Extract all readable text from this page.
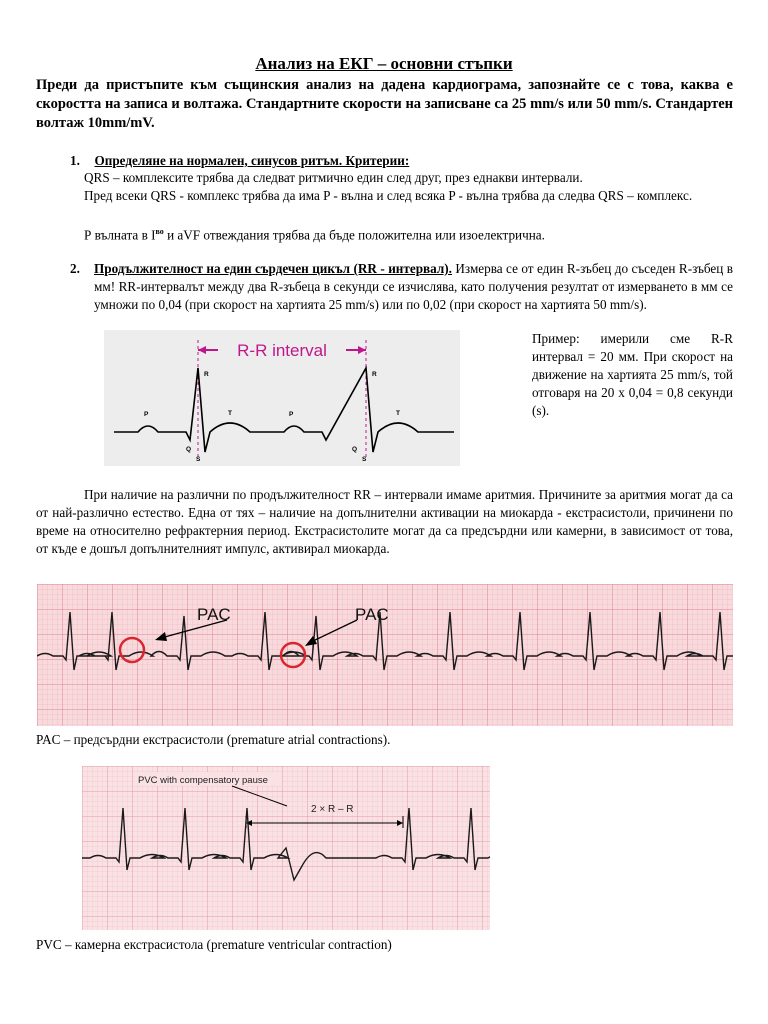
Анализ на ЕКГ – основни стъпки
Преди да пристъпите към същинския анализ на дадена кардиограма, запознайте се с това, каква е скоростта на записа и волтажа. Стандартните скорости на записване са 25 mm/s или 50 mm/s. Стандартен волтаж 10mm/mV.
1. Определяне на нормален, синусов ритъм. Критерии:
QRS – комплексите трябва да следват ритмично един след друг, през еднакви интервали.
Пред всеки QRS - комплекс трябва да има P - вълна и след всяка P - вълна трябва да следва QRS – комплекс.
Р вълната в $I^{во}$ и aVF отвеждания трябва да бъде положителна или изоелектрична.
2.	Продължителност на един сърдечен цикъл (RR - интервал). Измерва се от един R-зъбец до съседен R-зъбец в мм! RR-интервалът между два R-зъбеца в секунди се изчислява, като получения резултат от измерването в мм се умножи по 0,04 (при скорост на хартията 25 mm/s) или по 0,02 (при скорост на хартията 50 mm/s).
R-R interval
P
Q
R
S
T	P
Q
R
S
T
Пример: имерили сме R-R интервал = 20 мм. При скорост на движение на хартията 25 mm/s, той отговаря на 20 х 0,04 = 0,8 секунди (s).
При наличие на различни по продължителност RR – интервали имаме аритмия. Причините за аритмия могат да са от най-различно естество. Една от тях – наличие на допълнителни активации на миокарда - екстрасистоли, причинени по време на относително рефрактерния период. Екстрасистолите могат да са предсърдни или камерни, в зависимост от това, от къде е дошъл допълнителният импулс, активирал миокарда.
PAC	PAC
PAC – предсърдни екстрасистоли (premature atrial contractions).
PVC with compensatory pause
2 × R – R
PVC – камерна екстрасистола (premature ventricular contraction)
